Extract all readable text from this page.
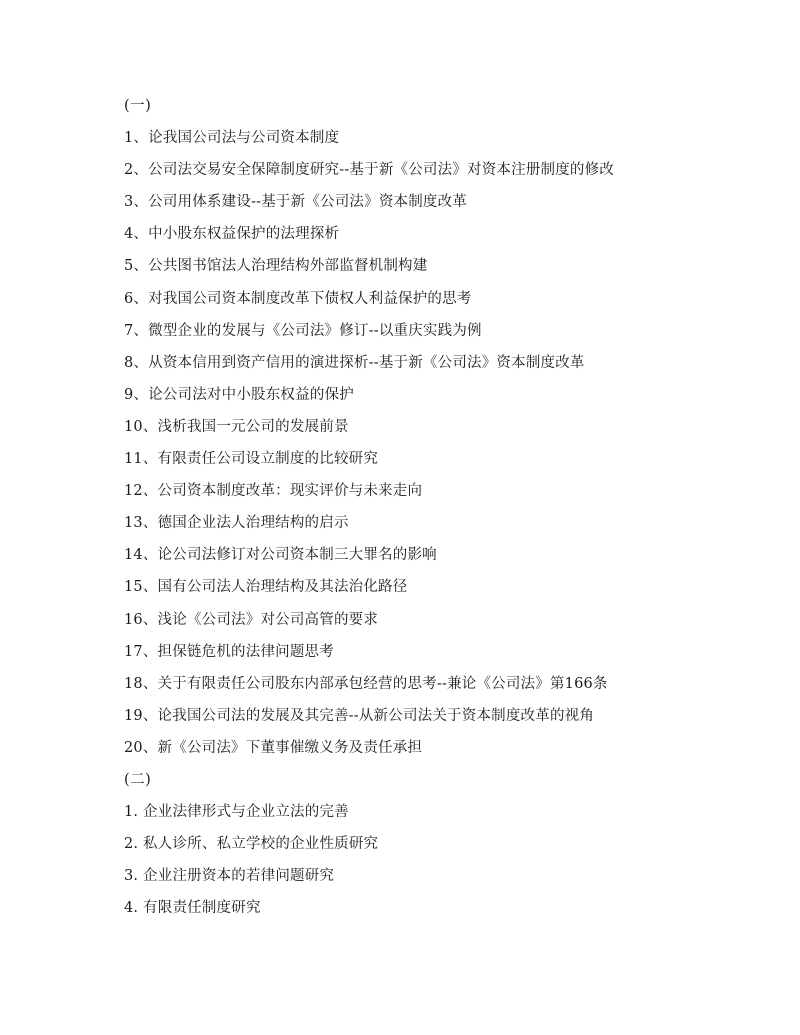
(一)
1、论我国公司法与公司资本制度
2、公司法交易安全保障制度研究--基于新《公司法》对资本注册制度的修改
3、公司用体系建设--基于新《公司法》资本制度改革
4、中小股东权益保护的法理探析
5、公共图书馆法人治理结构外部监督机制构建
6、对我国公司资本制度改革下债权人利益保护的思考
7、微型企业的发展与《公司法》修订--以重庆实践为例
8、从资本信用到资产信用的演进探析--基于新《公司法》资本制度改革
9、论公司法对中小股东权益的保护
10、浅析我国一元公司的发展前景
11、有限责任公司设立制度的比较研究
12、公司资本制度改革：现实评价与未来走向
13、德国企业法人治理结构的启示
14、论公司法修订对公司资本制三大罪名的影响
15、国有公司法人治理结构及其法治化路径
16、浅论《公司法》对公司高管的要求
17、担保链危机的法律问题思考
18、关于有限责任公司股东内部承包经营的思考--兼论《公司法》第166条
19、论我国公司法的发展及其完善--从新公司法关于资本制度改革的视角
20、新《公司法》下董事催缴义务及责任承担
(二)
1. 企业法律形式与企业立法的完善
2. 私人诊所、私立学校的企业性质研究
3. 企业注册资本的若律问题研究
4. 有限责任制度研究
